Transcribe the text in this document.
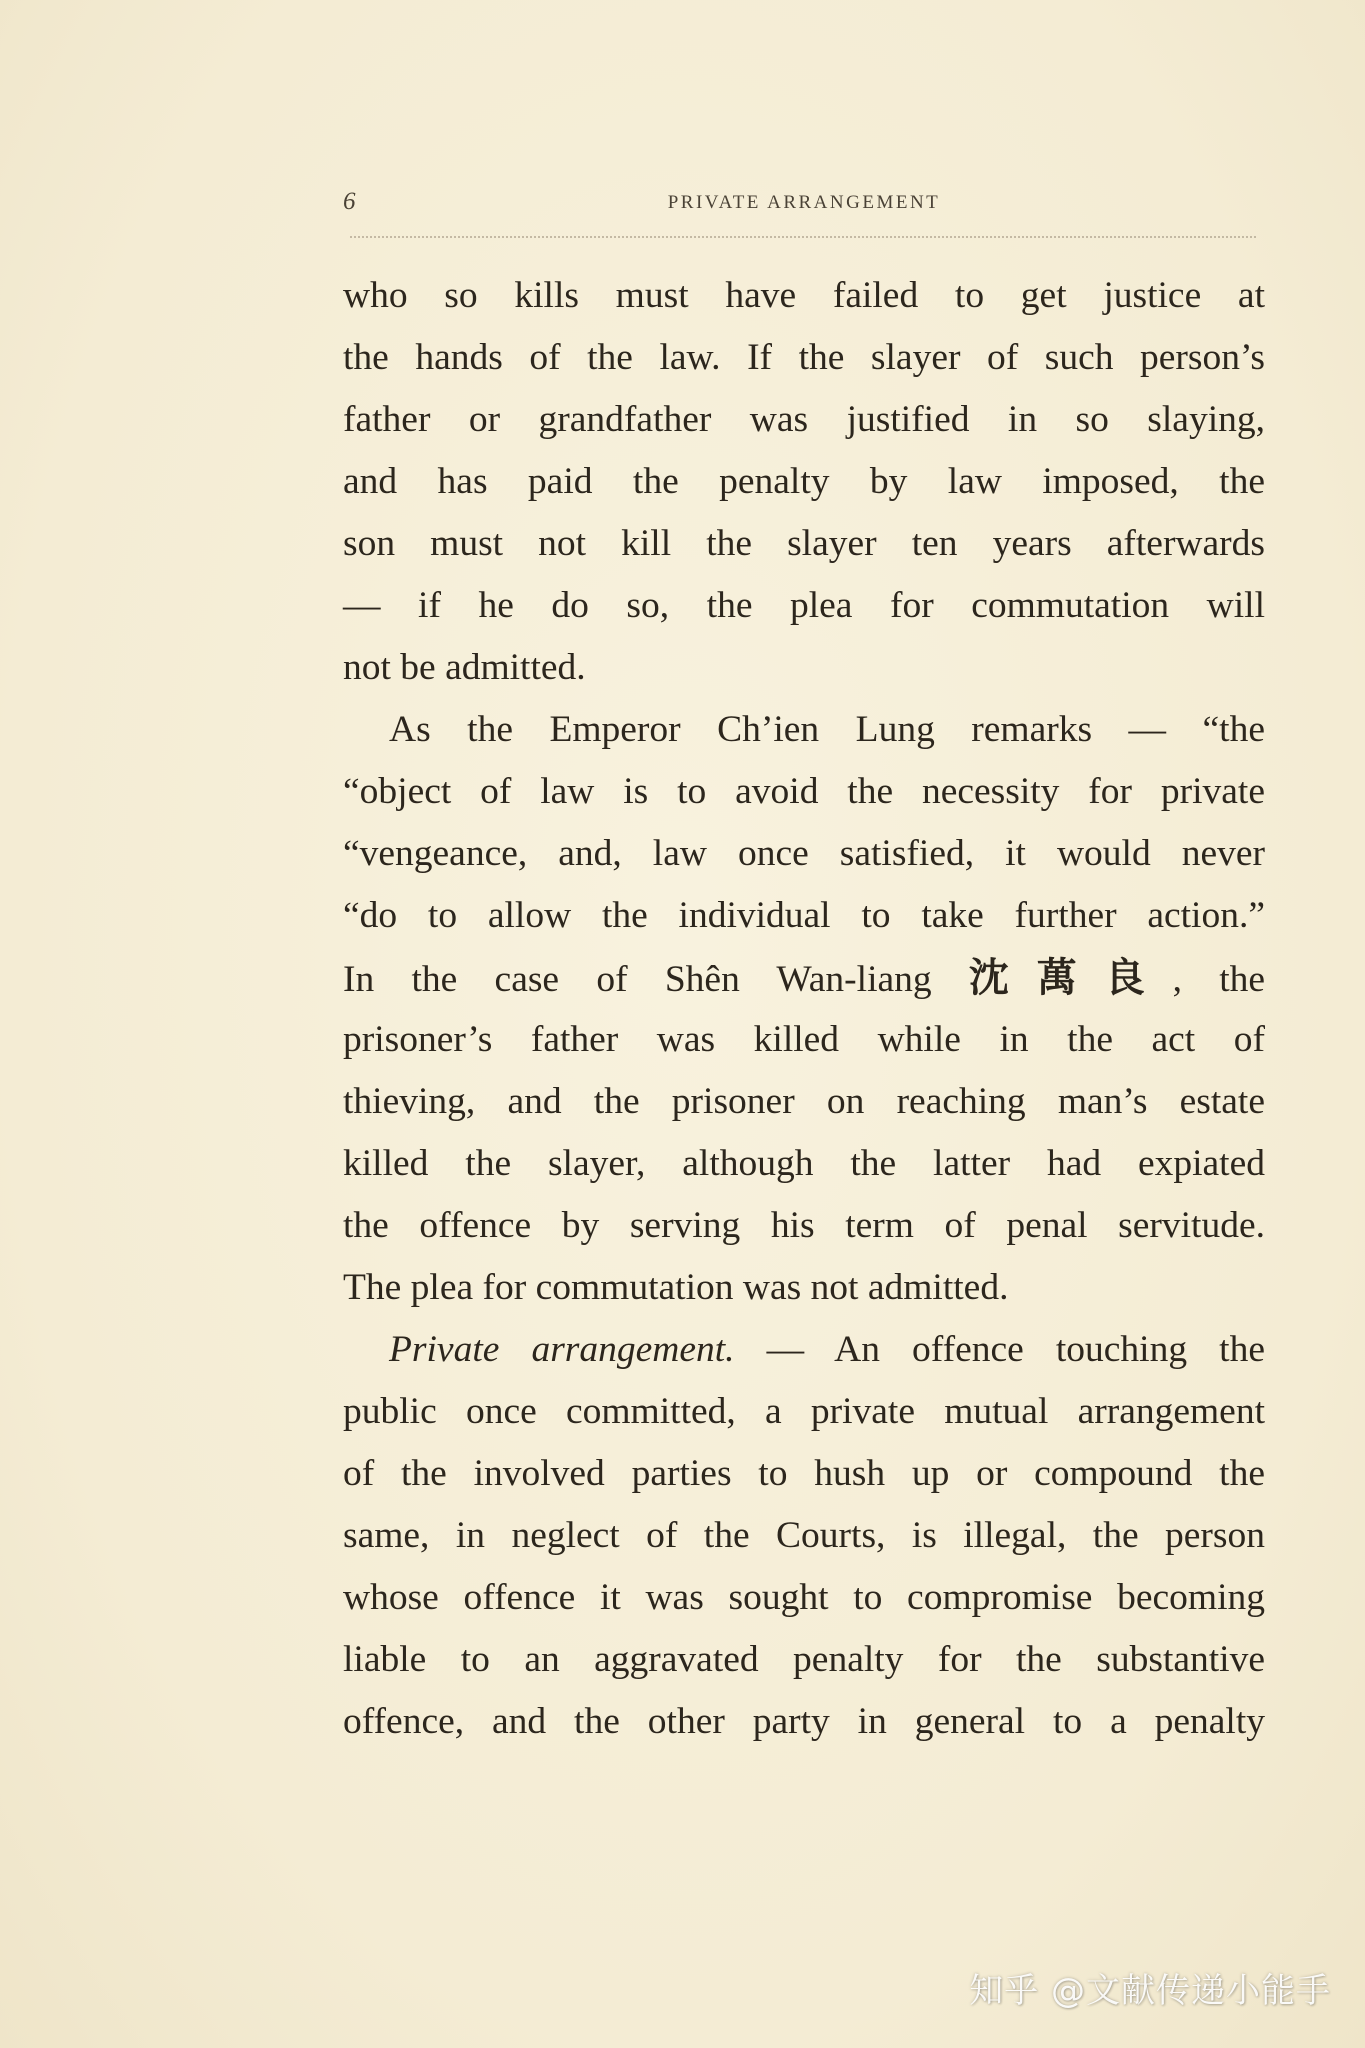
6	PRIVATE ARRANGEMENT
who so kills must have failed to get justice at
the hands of the law. If the slayer of such person’s
father or grandfather was justified in so slaying,
and has paid the penalty by law imposed, the
son must not kill the slayer ten years afterwards
— if he do so, the plea for commutation will
not be admitted.
As the Emperor Ch’ien Lung remarks — “the
“object of law is to avoid the necessity for private
“vengeance, and, law once satisfied, it would never
“do to allow the individual to take further action.”
In the case of Shên Wan-liang 沈萬良, the
prisoner’s father was killed while in the act of
thieving, and the prisoner on reaching man’s estate
killed the slayer, although the latter had expiated
the offence by serving his term of penal servitude.
The plea for commutation was not admitted.
Private arrangement. — An offence touching the
public once committed, a private mutual arrangement
of the involved parties to hush up or compound the
same, in neglect of the Courts, is illegal, the person
whose offence it was sought to compromise becoming
liable to an aggravated penalty for the substantive
offence, and the other party in general to a penalty
知乎 @文献传递小能手
